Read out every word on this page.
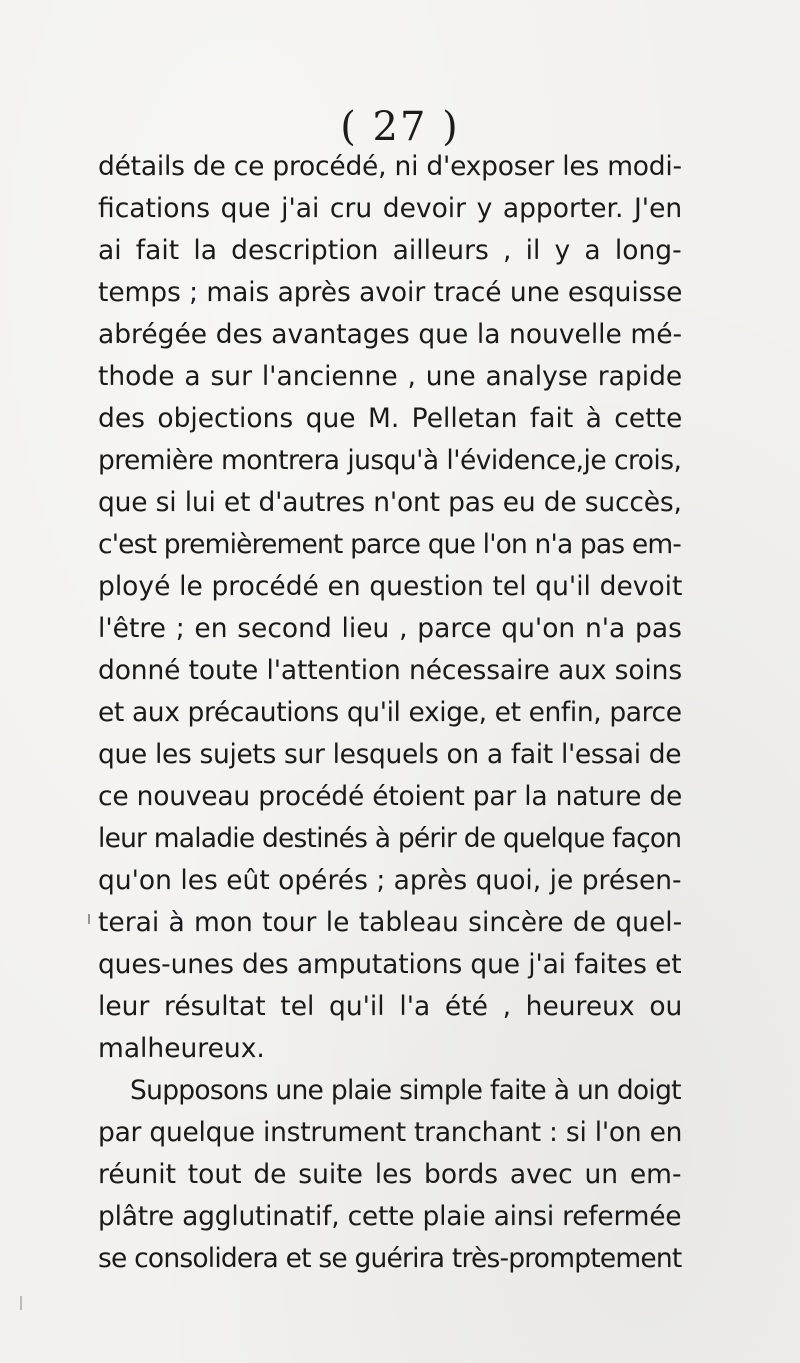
( 27 )
détails de ce procédé, ni d'exposer les modi-
fications que j'ai cru devoir y apporter. J'en
ai fait la description ailleurs , il y a long-
temps ; mais après avoir tracé une esquisse
abrégée des avantages que la nouvelle mé-
thode a sur l'ancienne , une analyse rapide
des objections que M. Pelletan fait à cette
première montrera jusqu'à l'évidence,je crois,
que si lui et d'autres n'ont pas eu de succès,
c'est premièrement parce que l'on n'a pas em-
ployé le procédé en question tel qu'il devoit
l'être ; en second lieu , parce qu'on n'a pas
donné toute l'attention nécessaire aux soins
et aux précautions qu'il exige, et enfin, parce
que les sujets sur lesquels on a fait l'essai de
ce nouveau procédé étoient par la nature de
leur maladie destinés à périr de quelque façon
qu'on les eût opérés ; après quoi, je présen-
terai à mon tour le tableau sincère de quel-
ques-unes des amputations que j'ai faites et
leur résultat tel qu'il l'a été , heureux ou
malheureux.
Supposons une plaie simple faite à un doigt
par quelque instrument tranchant : si l'on en
réunit tout de suite les bords avec un em-
plâtre agglutinatif, cette plaie ainsi refermée
se consolidera et se guérira très-promptement
